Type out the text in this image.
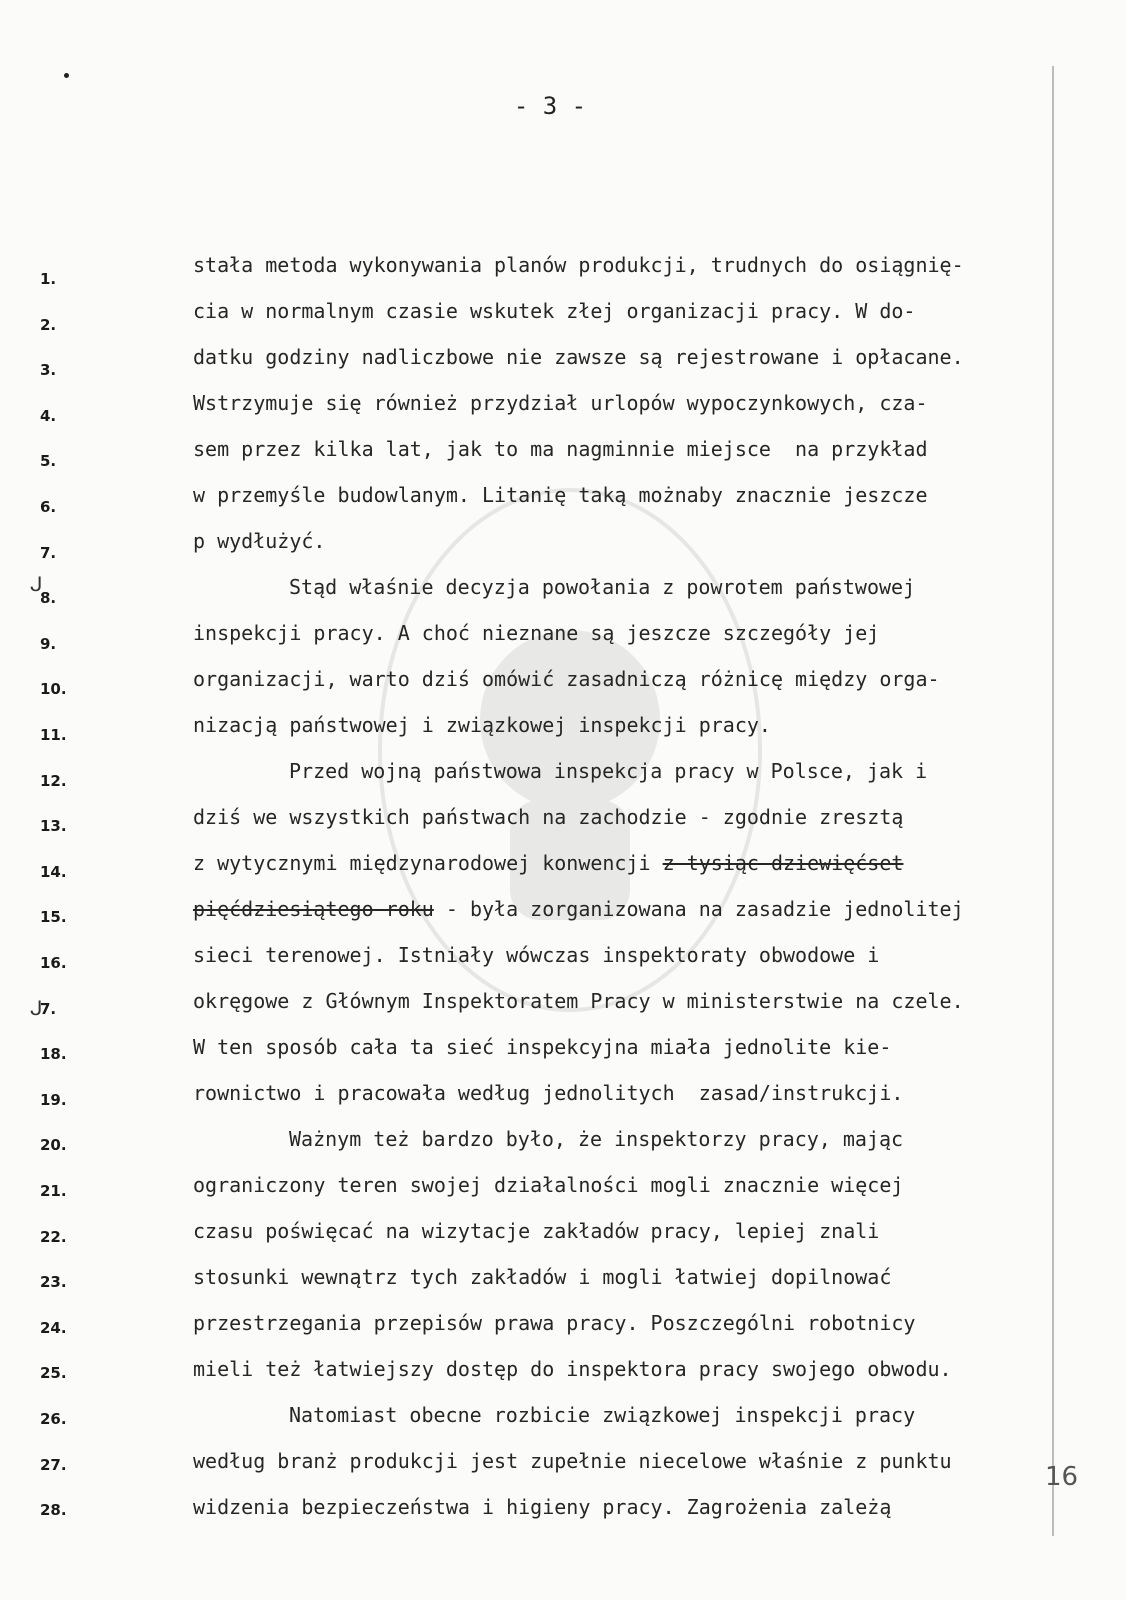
- 3 -
1.
2.
3.
4.
5.
6.
7.
8.
9.
10.
11.
12.
13.
14.
15.
16.
7.
18.
19.
20.
21.
22.
23.
24.
25.
26.
27.
28.
stała metoda wykonywania planów produkcji, trudnych do osiągnię-
cia w normalnym czasie wskutek złej organizacji pracy. W do-
datku godziny nadliczbowe nie zawsze są rejestrowane i opłacane.
Wstrzymuje się również przydział urlopów wypoczynkowych, cza-
sem przez kilka lat, jak to ma nagminnie miejsce  na przykład
w przemyśle budowlanym. Litanię taką możnaby znacznie jeszcze
p wydłużyć.
Stąd właśnie decyzja powołania z powrotem państwowej
inspekcji pracy. A choć nieznane są jeszcze szczegóły jej
organizacji, warto dziś omówić zasadniczą różnicę między orga-
nizacją państwowej i związkowej inspekcji pracy.
Przed wojną państwowa inspekcja pracy w Polsce, jak i
dziś we wszystkich państwach na zachodzie - zgodnie zresztą
z wytycznymi międzynarodowej konwencji z tysiąc dziewięćset
pięćdziesiątego roku - była zorganizowana na zasadzie jednolitej
sieci terenowej. Istniały wówczas inspektoraty obwodowe i
okręgowe z Głównym Inspektoratem Pracy w ministerstwie na czele.
W ten sposób cała ta sieć inspekcyjna miała jednolite kie-
rownictwo i pracowała według jednolitych  zasad/instrukcji.
Ważnym też bardzo było, że inspektorzy pracy, mając
ograniczony teren swojej działalności mogli znacznie więcej
czasu poświęcać na wizytacje zakładów pracy, lepiej znali
stosunki wewnątrz tych zakładów i mogli łatwiej dopilnować
przestrzegania przepisów prawa pracy. Poszczególni robotnicy
mieli też łatwiejszy dostęp do inspektora pracy swojego obwodu.
Natomiast obecne rozbicie związkowej inspekcji pracy
według branż produkcji jest zupełnie niecelowe właśnie z punktu
widzenia bezpieczeństwa i higieny pracy. Zagrożenia zależą
16
ᒍ
ᒍ
